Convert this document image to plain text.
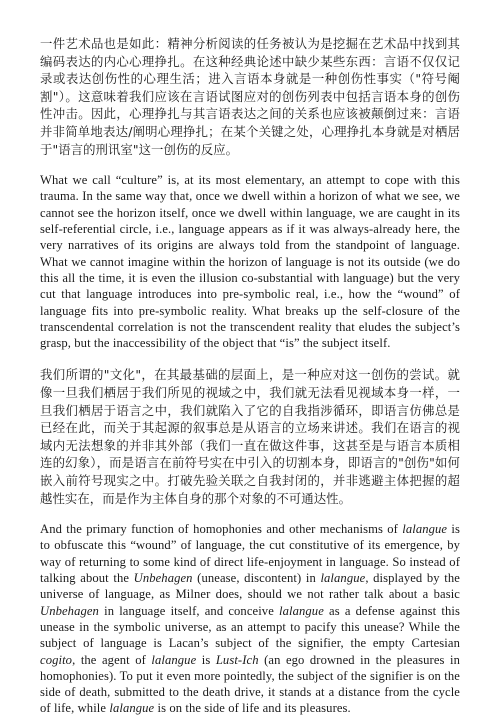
一件艺术品也是如此：精神分析阅读的任务被认为是挖掘在艺术品中找到其编码表达的内心心理挣扎。在这种经典论述中缺少某些东西：言语不仅仅记录或表达创伤性的心理生活；进入言语本身就是一种创伤性事实（"符号阉割"）。这意味着我们应该在言语试图应对的创伤列表中包括言语本身的创伤性冲击。因此，心理挣扎与其言语表达之间的关系也应该被颠倒过来：言语并非简单地表达/阐明心理挣扎；在某个关键之处，心理挣扎本身就是对栖居于"语言的刑讯室"这一创伤的反应。

What we call “culture” is, at its most elementary, an attempt to cope with this trauma. In the same way that, once we dwell within a horizon of what we see, we cannot see the horizon itself, once we dwell within language, we are caught in its self-referential circle, i.e., language appears as if it was always-already here, the very narratives of its origins are always told from the standpoint of language. What we cannot imagine within the horizon of language is not its outside (we do this all the time, it is even the illusion co-substantial with language) but the very cut that language introduces into pre-symbolic real, i.e., how the “wound” of language fits into pre-symbolic reality. What breaks up the self-closure of the transcendental correlation is not the transcendent reality that eludes the subject’s grasp, but the inaccessibility of the object that “is” the subject itself.

我们所谓的"文化"，在其最基础的层面上，是一种应对这一创伤的尝试。就像一旦我们栖居于我们所见的视域之中，我们就无法看见视域本身一样，一旦我们栖居于语言之中，我们就陷入了它的自我指涉循环，即语言仿佛总是已经在此，而关于其起源的叙事总是从语言的立场来讲述。我们在语言的视域内无法想象的并非其外部（我们一直在做这件事，这甚至是与语言本质相连的幻象），而是语言在前符号实在中引入的切割本身，即语言的"创伤"如何嵌入前符号现实之中。打破先验关联之自我封闭的，并非逃避主体把握的超越性实在，而是作为主体自身的那个对象的不可通达性。

And the primary function of homophonies and other mechanisms of lalangue is to obfuscate this “wound” of language, the cut constitutive of its emergence, by way of returning to some kind of direct life-enjoyment in language. So instead of talking about the Unbehagen (unease, discontent) in lalangue, displayed by the universe of language, as Milner does, should we not rather talk about a basic Unbehagen in language itself, and conceive lalangue as a defense against this unease in the symbolic universe, as an attempt to pacify this unease? While the subject of language is Lacan’s subject of the signifier, the empty Cartesian cogito, the agent of lalangue is Lust-Ich (an ego drowned in the pleasures in homophonies). To put it even more pointedly, the subject of the signifier is on the side of death, submitted to the death drive, it stands at a distance from the cycle of life, while lalangue is on the side of life and its pleasures.
